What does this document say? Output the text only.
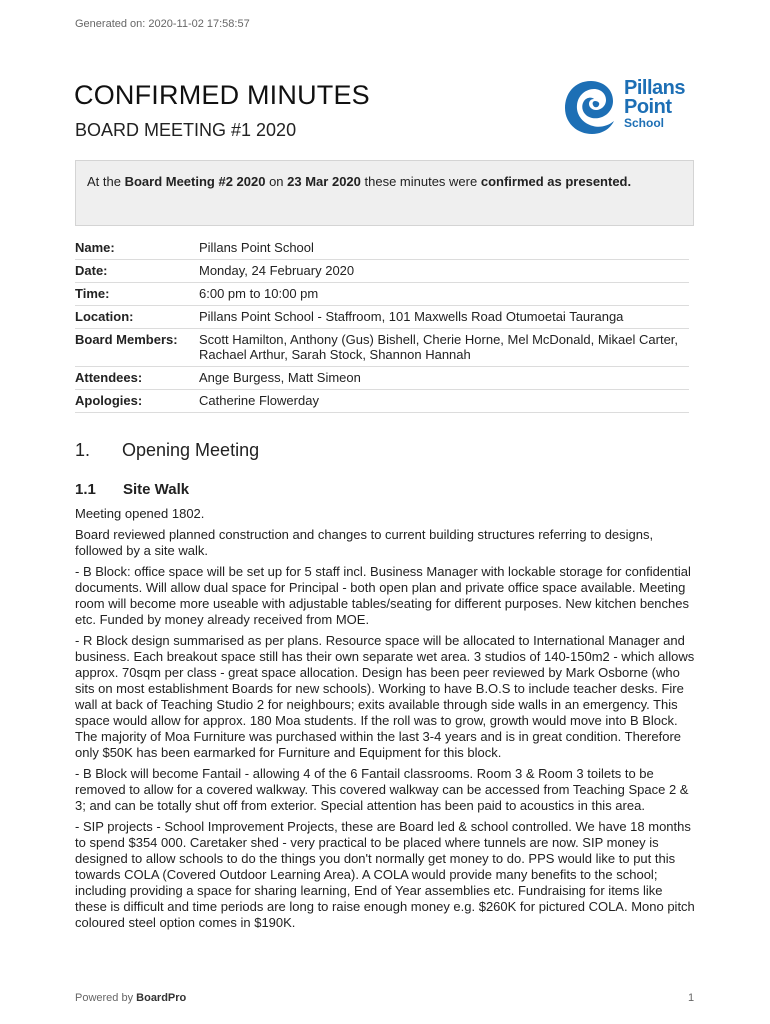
Generated on: 2020-11-02 17:58:57
CONFIRMED MINUTES
BOARD MEETING #1 2020
Pillans
Point
School
At the Board Meeting #2 2020 on 23 Mar 2020 these minutes were confirmed as presented.
Name:	Pillans Point School
Date:	Monday, 24 February 2020
Time:	6:00 pm to 10:00 pm
Location:	Pillans Point School - Staffroom, 101 Maxwells Road Otumoetai Tauranga
Board Members:	Scott Hamilton, Anthony (Gus) Bishell, Cherie Horne, Mel McDonald, Mikael Carter, Rachael Arthur, Sarah Stock, Shannon Hannah
Attendees:	Ange Burgess, Matt Simeon
Apologies:	Catherine Flowerday
1. Opening Meeting
1.1 Site Walk

Meeting opened 1802.

Board reviewed planned construction and changes to current building structures referring to designs, followed by a site walk.

- B Block: office space will be set up for 5 staff incl. Business Manager with lockable storage for confidential documents. Will allow dual space for Principal - both open plan and private office space available. Meeting room will become more useable with adjustable tables/seating for different purposes. New kitchen benches etc. Funded by money already received from MOE.

- R Block design summarised as per plans. Resource space will be allocated to International Manager and business. Each breakout space still has their own separate wet area. 3 studios of 140-150m2 - which allows approx. 70sqm per class - great space allocation. Design has been peer reviewed by Mark Osborne (who sits on most establishment Boards for new schools). Working to have B.O.S to include teacher desks. Fire wall at back of Teaching Studio 2 for neighbours; exits available through side walls in an emergency. This space would allow for approx. 180 Moa students. If the roll was to grow, growth would move into B Block. The majority of Moa Furniture was purchased within the last 3-4 years and is in great condition. Therefore only $50K has been earmarked for Furniture and Equipment for this block.

- B Block will become Fantail - allowing 4 of the 6 Fantail classrooms. Room 3 & Room 3 toilets to be removed to allow for a covered walkway. This covered walkway can be accessed from Teaching Space 2 & 3; and can be totally shut off from exterior. Special attention has been paid to acoustics in this area.

- SIP projects - School Improvement Projects, these are Board led & school controlled. We have 18 months to spend $354 000. Caretaker shed - very practical to be placed where tunnels are now. SIP money is designed to allow schools to do the things you don't normally get money to do. PPS would like to put this towards COLA (Covered Outdoor Learning Area). A COLA would provide many benefits to the school; including providing a space for sharing learning, End of Year assemblies etc. Fundraising for items like these is difficult and time periods are long to raise enough money e.g. $260K for pictured COLA. Mono pitch coloured steel option comes in $190K.

Powered by BoardPro	1
